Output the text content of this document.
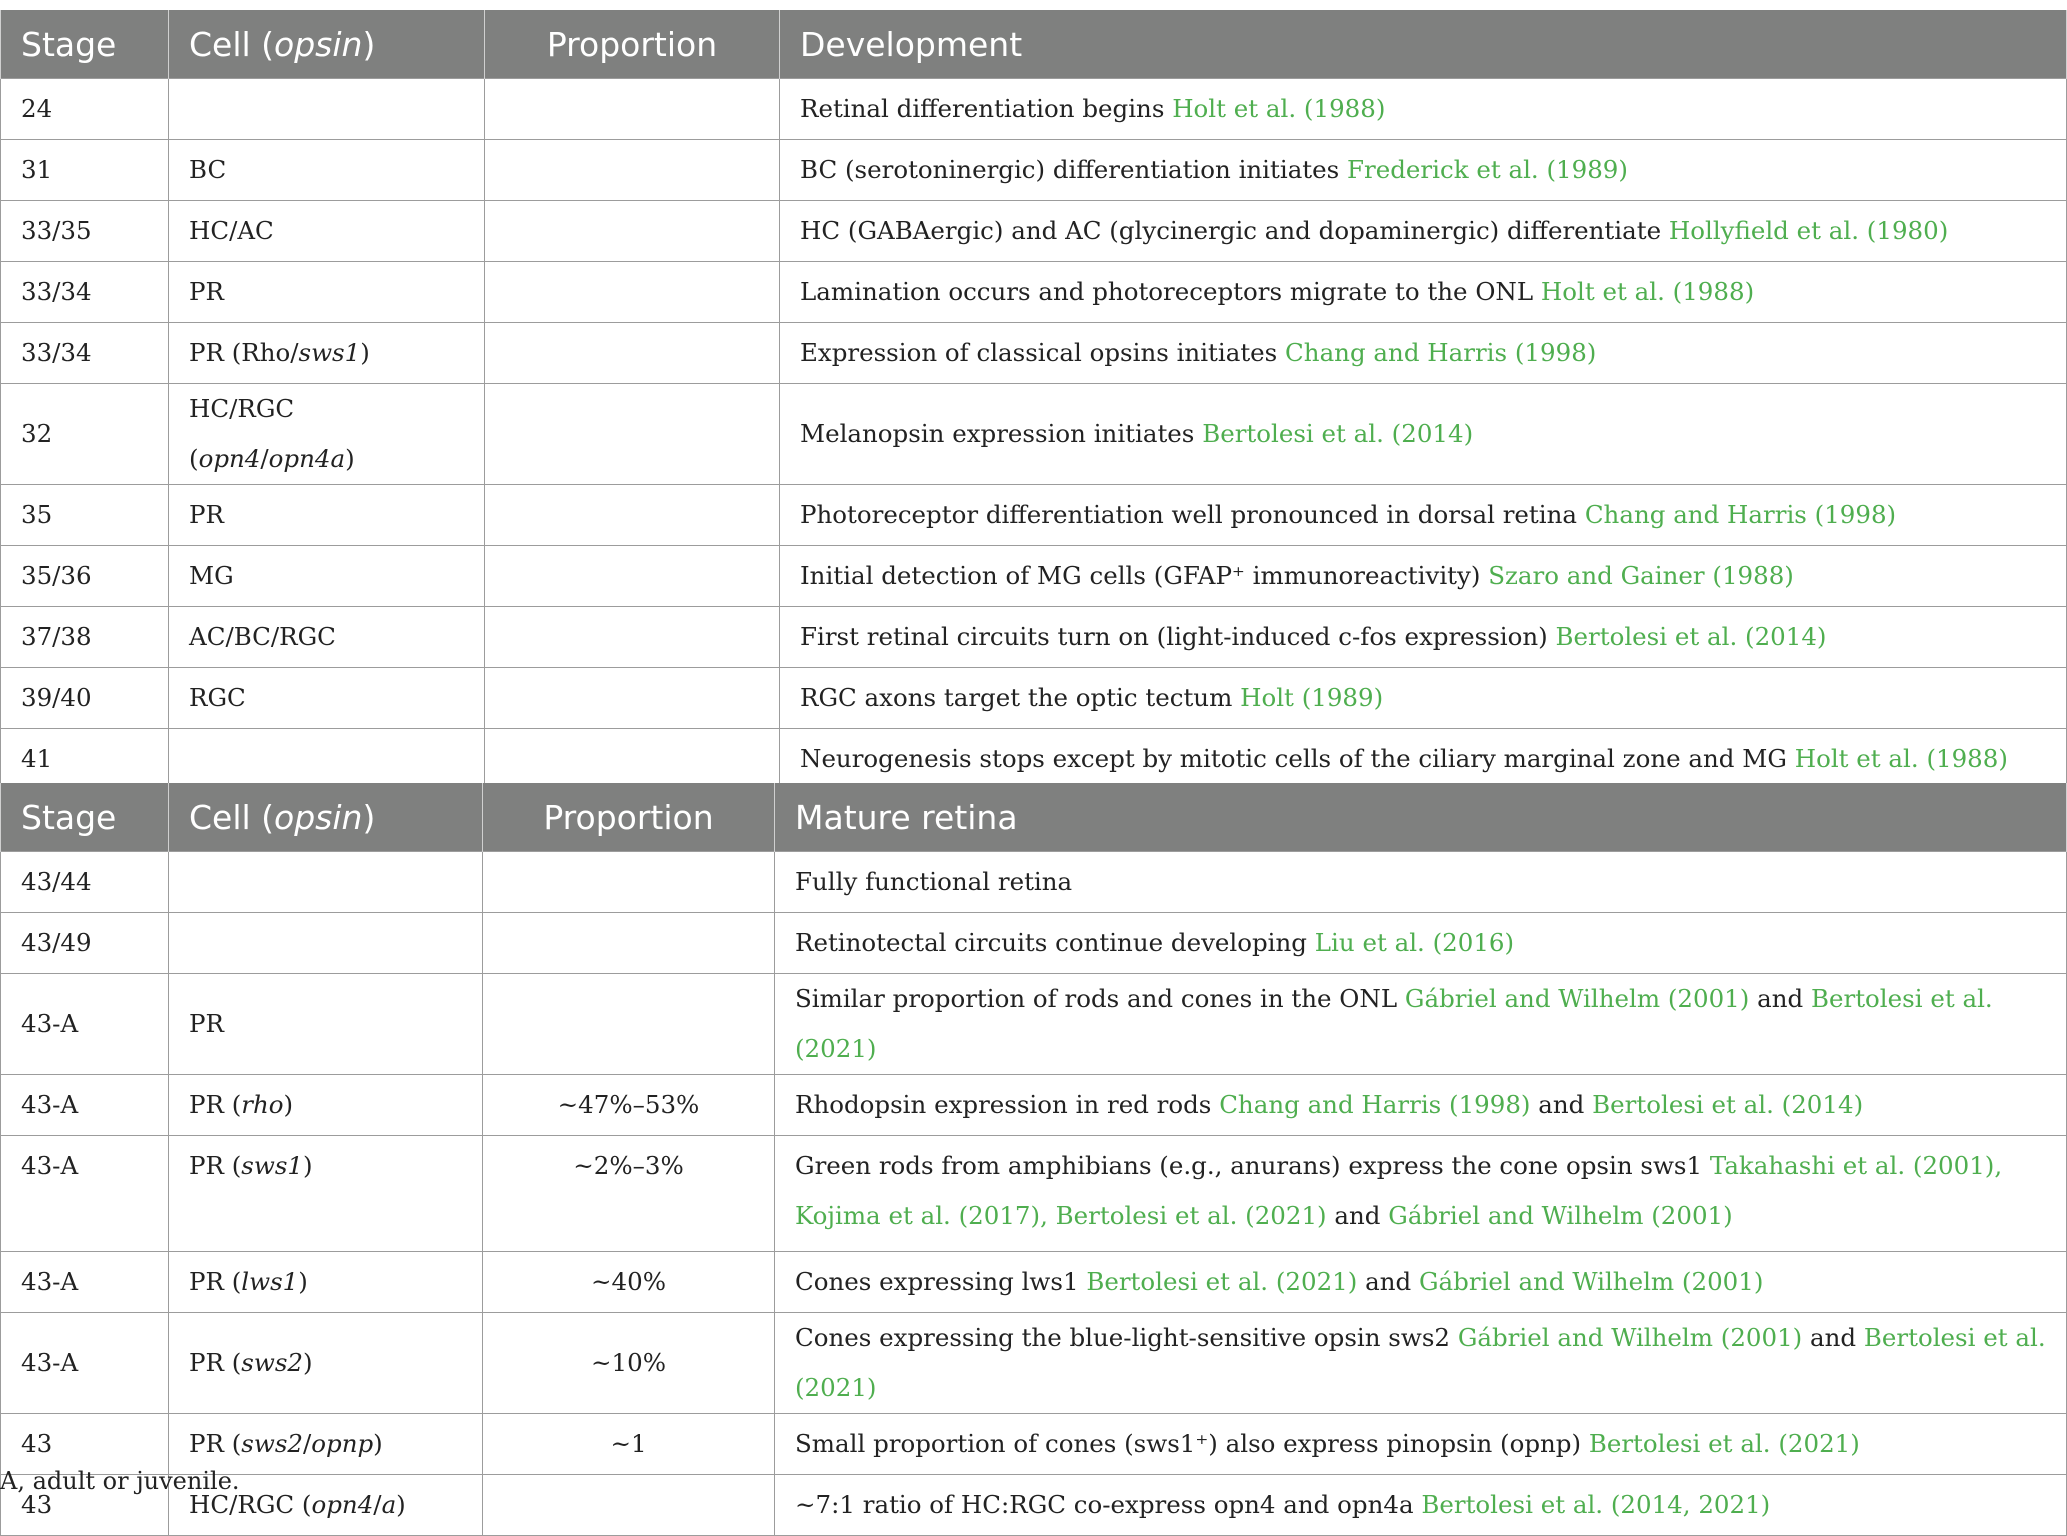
Stage	Cell (opsin)	Proportion	Development
24			Retinal differentiation begins Holt et al. (1988)
31	BC		BC (serotoninergic) differentiation initiates Frederick et al. (1989)
33/35	HC/AC		HC (GABAergic) and AC (glycinergic and dopaminergic) differentiate Hollyfield et al. (1980)
33/34	PR		Lamination occurs and photoreceptors migrate to the ONL Holt et al. (1988)
33/34	PR (Rho/sws1)		Expression of classical opsins initiates Chang and Harris (1998)
32	HC/RGC (opn4/opn4a)		Melanopsin expression initiates Bertolesi et al. (2014)
35	PR		Photoreceptor differentiation well pronounced in dorsal retina Chang and Harris (1998)
35/36	MG		Initial detection of MG cells (GFAP⁺ immunoreactivity) Szaro and Gainer (1988)
37/38	AC/BC/RGC		First retinal circuits turn on (light-induced c-fos expression) Bertolesi et al. (2014)
39/40	RGC		RGC axons target the optic tectum Holt (1989)
41			Neurogenesis stops except by mitotic cells of the ciliary marginal zone and MG Holt et al. (1988)
Stage	Cell (opsin)	Proportion	Mature retina
43/44			Fully functional retina
43/49			Retinotectal circuits continue developing Liu et al. (2016)
43-A	PR		Similar proportion of rods and cones in the ONL Gábriel and Wilhelm (2001) and Bertolesi et al. (2021)
43-A	PR (rho)	~47%–53%	Rhodopsin expression in red rods Chang and Harris (1998) and Bertolesi et al. (2014)
43-A	PR (sws1)	~2%–3%	Green rods from amphibians (e.g., anurans) express the cone opsin sws1 Takahashi et al. (2001), Kojima et al. (2017), Bertolesi et al. (2021) and Gábriel and Wilhelm (2001)
43-A	PR (lws1)	~40%	Cones expressing lws1 Bertolesi et al. (2021) and Gábriel and Wilhelm (2001)
43-A	PR (sws2)	~10%	Cones expressing the blue-light-sensitive opsin sws2 Gábriel and Wilhelm (2001) and Bertolesi et al. (2021)
43	PR (sws2/opnp)	~1	Small proportion of cones (sws1⁺) also express pinopsin (opnp) Bertolesi et al. (2021)
43	HC/RGC (opn4/a)		~7:1 ratio of HC:RGC co-express opn4 and opn4a Bertolesi et al. (2014, 2021)
A, adult or juvenile.
